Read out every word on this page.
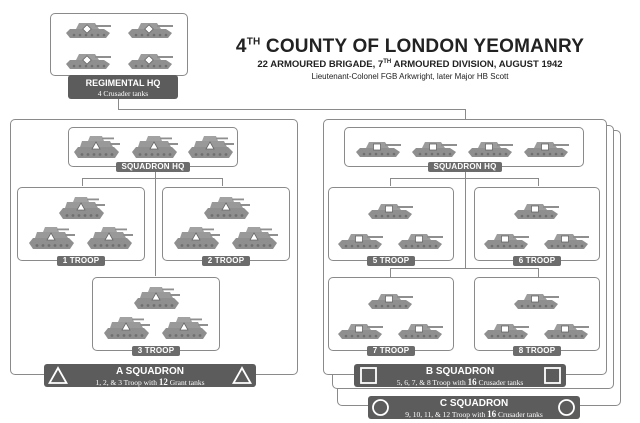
4TH COUNTY OF LONDON YEOMANRY
22 ARMOURED BRIGADE, 7TH ARMOURED DIVISION, AUGUST 1942
Lieutenant-Colonel FGB Arkwright, later Major HB Scott
REGIMENTAL HQ
4 Crusader tanks
SQUADRON HQ
1 TROOP	2 TROOP
3 TROOP
A SQUADRON
1, 2, & 3 Troop with 12 Grant tanks
SQUADRON HQ
5 TROOP	6 TROOP
7 TROOP	8 TROOP
B SQUADRON
5, 6, 7, & 8 Troop with 16 Crusader tanks
C SQUADRON
9, 10, 11, & 12 Troop with 16 Crusader tanks
